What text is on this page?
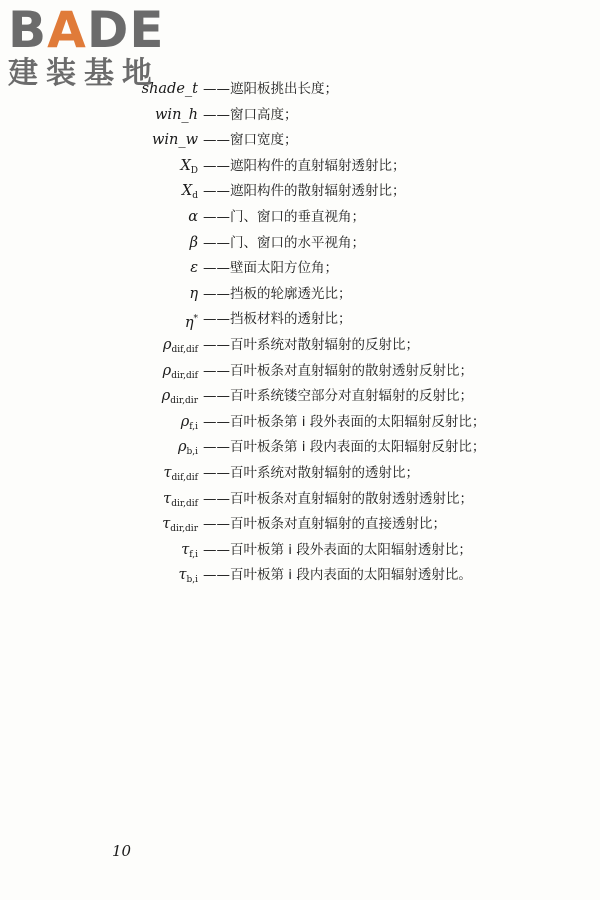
BADE
建装基地
shade_t ——遮阳板挑出长度；
win_h ——窗口高度；
win_w ——窗口宽度；
$X_D$ ——遮阳构件的直射辐射透射比；
$X_d$ ——遮阳构件的散射辐射透射比；
α ——门、窗口的垂直视角；
β ——门、窗口的水平视角；
ε ——壁面太阳方位角；
η ——挡板的轮廓透光比；
η* ——挡板材料的透射比；
$\rho_{dif,dif}$ ——百叶系统对散射辐射的反射比；
$\rho_{dir,dif}$ ——百叶板条对直射辐射的散射透射反射比；
$\rho_{dir,dir}$ ——百叶系统镂空部分对直射辐射的反射比；
$\rho_{f,i}$ ——百叶板条第 i 段外表面的太阳辐射反射比；
$\rho_{b,i}$ ——百叶板条第 i 段内表面的太阳辐射反射比；
$\tau_{dif,dif}$ ——百叶系统对散射辐射的透射比；
$\tau_{dir,dif}$ ——百叶板条对直射辐射的散射透射透射比；
$\tau_{dir,dir}$ ——百叶板条对直射辐射的直接透射比；
$\tau_{f,i}$ ——百叶板第 i 段外表面的太阳辐射透射比；
$\tau_{b,i}$ ——百叶板第 i 段内表面的太阳辐射透射比。
10
